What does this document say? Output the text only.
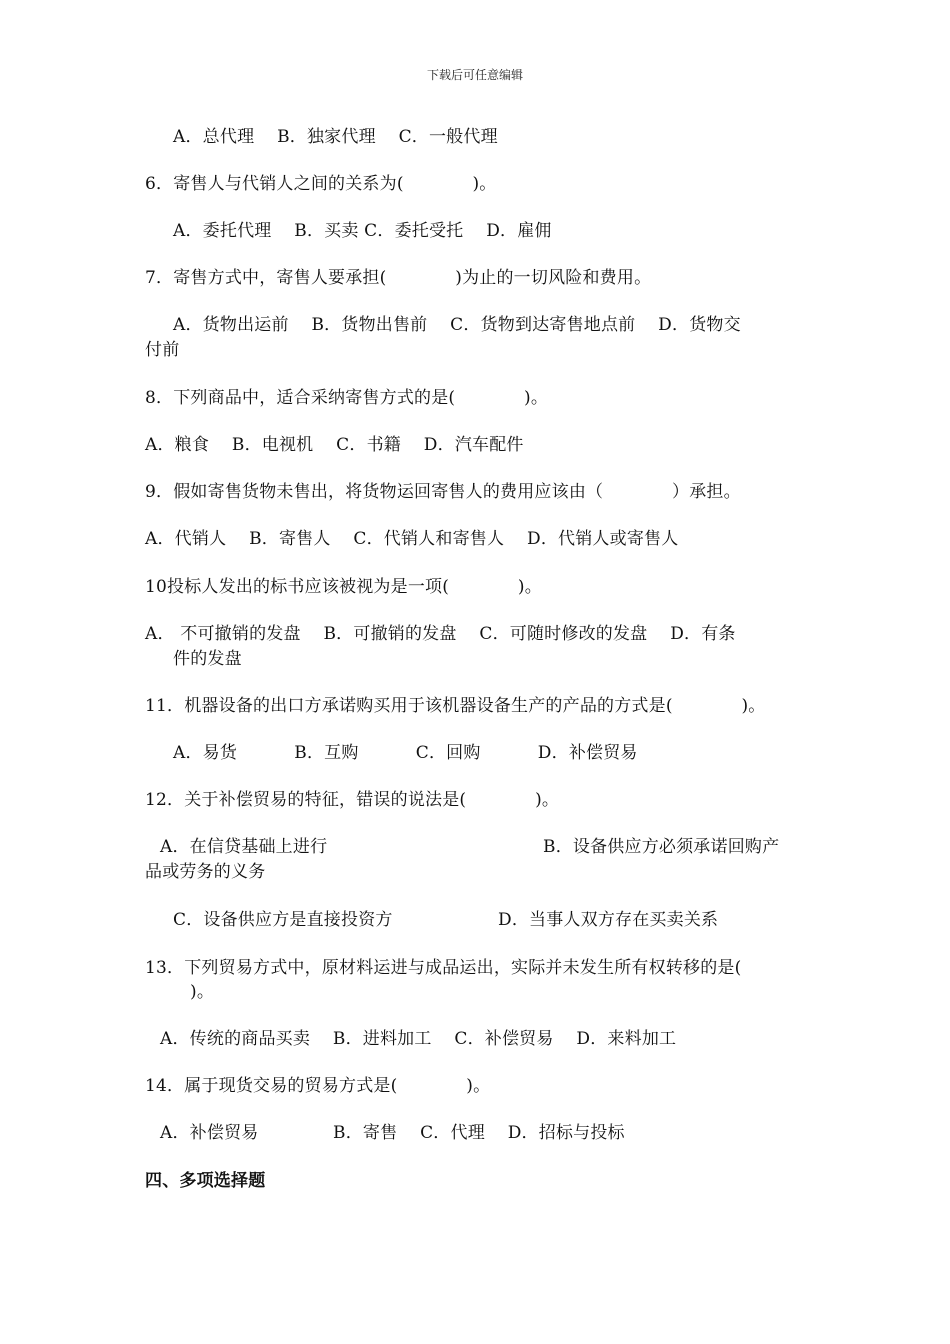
下载后可任意编辑
A．总代理　 B．独家代理　 C．一般代理
6．寄售人与代销人之间的关系为(　　　　)。
A．委托代理　 B．买卖 C．委托受托　 D．雇佣
7．寄售方式中，寄售人要承担(　　　　)为止的一切风险和费用。
A．货物出运前　 B．货物出售前　 C．货物到达寄售地点前　 D．货物交
付前
8．下列商品中，适合采纳寄售方式的是(　　　　)。
A．粮食　 B．电视机　 C．书籍　 D．汽车配件
9．假如寄售货物未售出，将货物运回寄售人的费用应该由（　　　　）承担。
A．代销人　 B．寄售人　 C．代销人和寄售人　 D．代销人或寄售人
10投标人发出的标书应该被视为是一项(　　　　)。
A． 不可撤销的发盘　 B．可撤销的发盘　 C．可随时修改的发盘　 D．有条
件的发盘
11．机器设备的出口方承诺购买用于该机器设备生产的产品的方式是(　　　　)。
A．易货　　　 B．互购　　　 C．回购　　　 D．补偿贸易
12．关于补偿贸易的特征，错误的说法是(　　　　)。
A．在信贷基础上进行	B．设备供应方必须承诺回购产
品或劳务的义务
C．设备供应方是直接投资方	D．当事人双方存在买卖关系
13．下列贸易方式中，原材料运进与成品运出，实际并未发生所有权转移的是(
)。
A．传统的商品买卖　 B．进料加工　 C．补偿贸易　 D．来料加工
14．属于现货交易的贸易方式是(　　　　)。
A．补偿贸易	B．寄售　 C．代理　 D．招标与投标
四、多项选择题
